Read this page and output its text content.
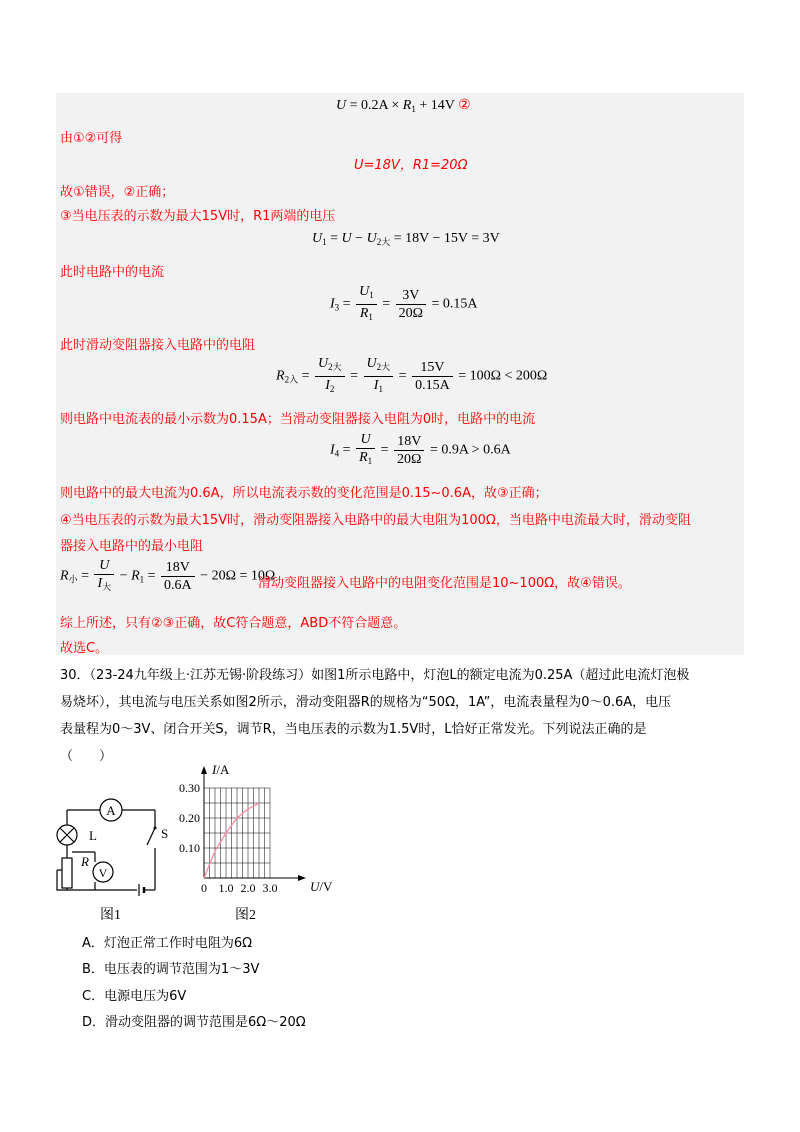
$U = 0.2A \times R_1 + 14V$ ②
由①②可得
U=18V，R1=20Ω
故①错误，②正确；
③当电压表的示数为最大15V时，R1两端的电压
$U_1 = U - U_{2大} = 18V - 15V = 3V$
此时电路中的电流
$I_3 = \frac{U_1}{R_1} = \frac{3V}{20\Omega} = 0.15A$
此时滑动变阻器接入电路中的电阻
$R_{2入} = \frac{U_{2大}}{I_2} = \frac{U_{2大}}{I_1} = \frac{15V}{0.15A} = 100\Omega < 200\Omega$
则电路中电流表的最小示数为0.15A；当滑动变阻器接入电阻为0时，电路中的电流
$I_4 = \frac{U}{R_1} = \frac{18V}{20\Omega} = 0.9A > 0.6A$
则电路中的最大电流为0.6A，所以电流表示数的变化范围是0.15~0.6A，故③正确；
④当电压表的示数为最大15V时，滑动变阻器接入电路中的最大电阻为100Ω，当电路中电流最大时，滑动变阻
器接入电路中的最小电阻
$R_小 = \frac{U}{I_大} - R_1 = \frac{18V}{0.6A} - 20\Omega = 10\Omega$
滑动变阻器接入电路中的电阻变化范围是10~100Ω，故④错误。
综上所述，只有②③正确，故C符合题意，ABD不符合题意。
故选C。
30．（23-24九年级上·江苏无锡·阶段练习）如图1所示电路中，灯泡L的额定电流为0.25A（超过此电流灯泡极
易烧坏），其电流与电压关系如图2所示，滑动变阻器R的规格为“50Ω，1A”，电流表量程为0～0.6A，电压
表量程为0～3V、闭合开关S，调节R，当电压表的示数为1.5V时，L恰好正常发光。下列说法正确的是
（　　）
A
L
R
V
S
图1
0 1.0 2.0 3.0
0.10
0.20
0.30
I/A
U/V
图2
A．灯泡正常工作时电阻为6Ω
B．电压表的调节范围为1～3V
C．电源电压为6V
D．滑动变阻器的调节范围是6Ω～20Ω
